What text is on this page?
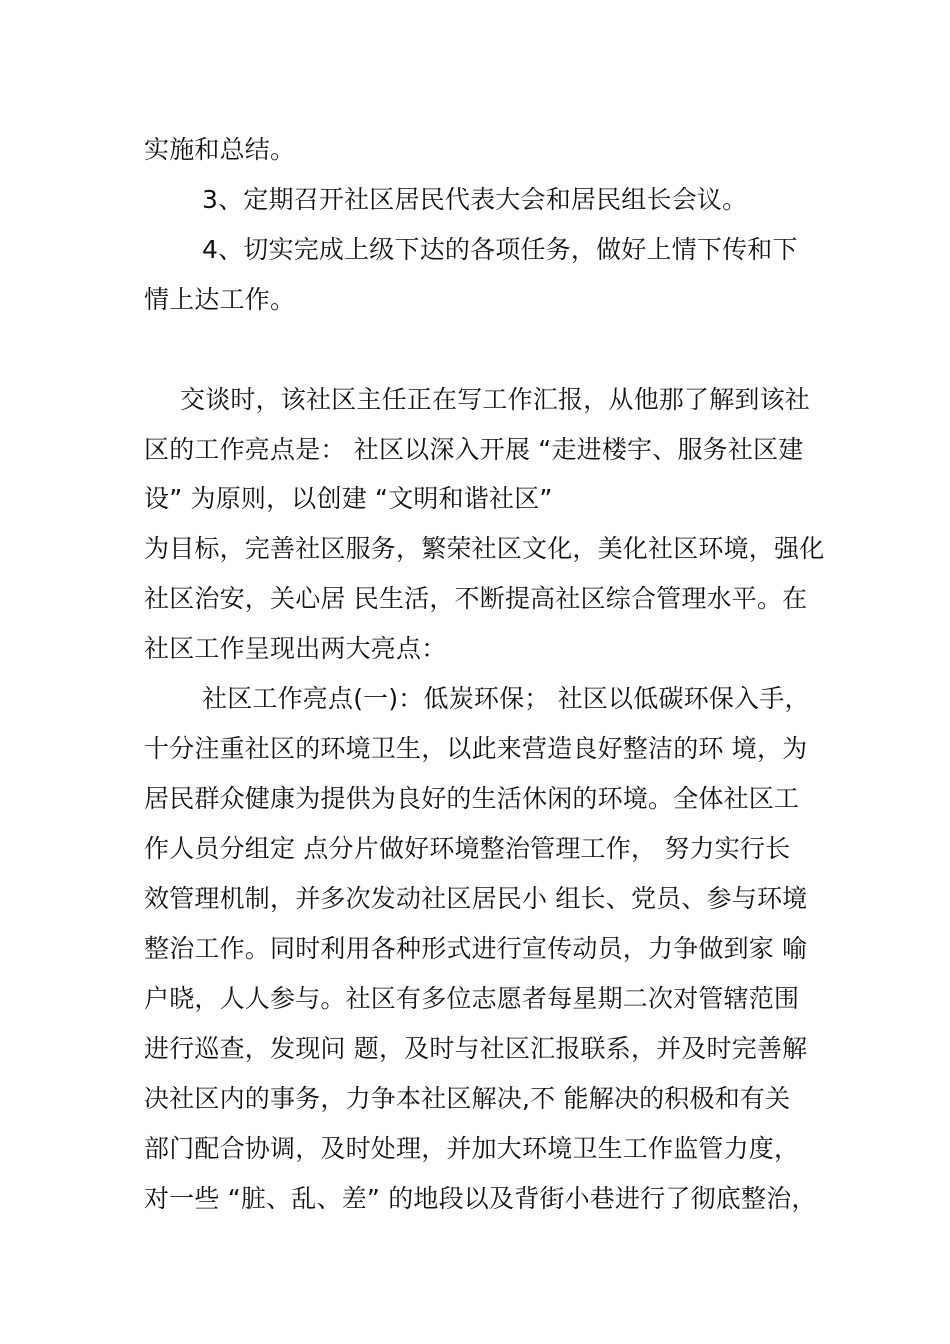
实施和总结。
3、定期召开社区居民代表大会和居民组长会议。
4、切实完成上级下达的各项任务，做好上情下传和下
情上达工作。
交谈时，该社区主任正在写工作汇报，从他那了解到该社
区的工作亮点是： 社区以深入开展 “走进楼宇、服务社区建
设” 为原则，以创建 “文明和谐社区”
为目标，完善社区服务，繁荣社区文化，美化社区环境，强化
社区治安，关心居 民生活，不断提高社区综合管理水平。在
社区工作呈现出两大亮点：
社区工作亮点(一)：低炭环保； 社区以低碳环保入手，
十分注重社区的环境卫生，以此来营造良好整洁的环 境，为
居民群众健康为提供为良好的生活休闲的环境。全体社区工
作人员分组定 点分片做好环境整治管理工作， 努力实行长
效管理机制，并多次发动社区居民小 组长、党员、参与环境
整治工作。同时利用各种形式进行宣传动员，力争做到家 喻
户晓，人人参与。社区有多位志愿者每星期二次对管辖范围
进行巡查，发现问 题，及时与社区汇报联系，并及时完善解
决社区内的事务，力争本社区解决,不 能解决的积极和有关
部门配合协调，及时处理，并加大环境卫生工作监管力度，
对一些 “脏、乱、差” 的地段以及背街小巷进行了彻底整治，
